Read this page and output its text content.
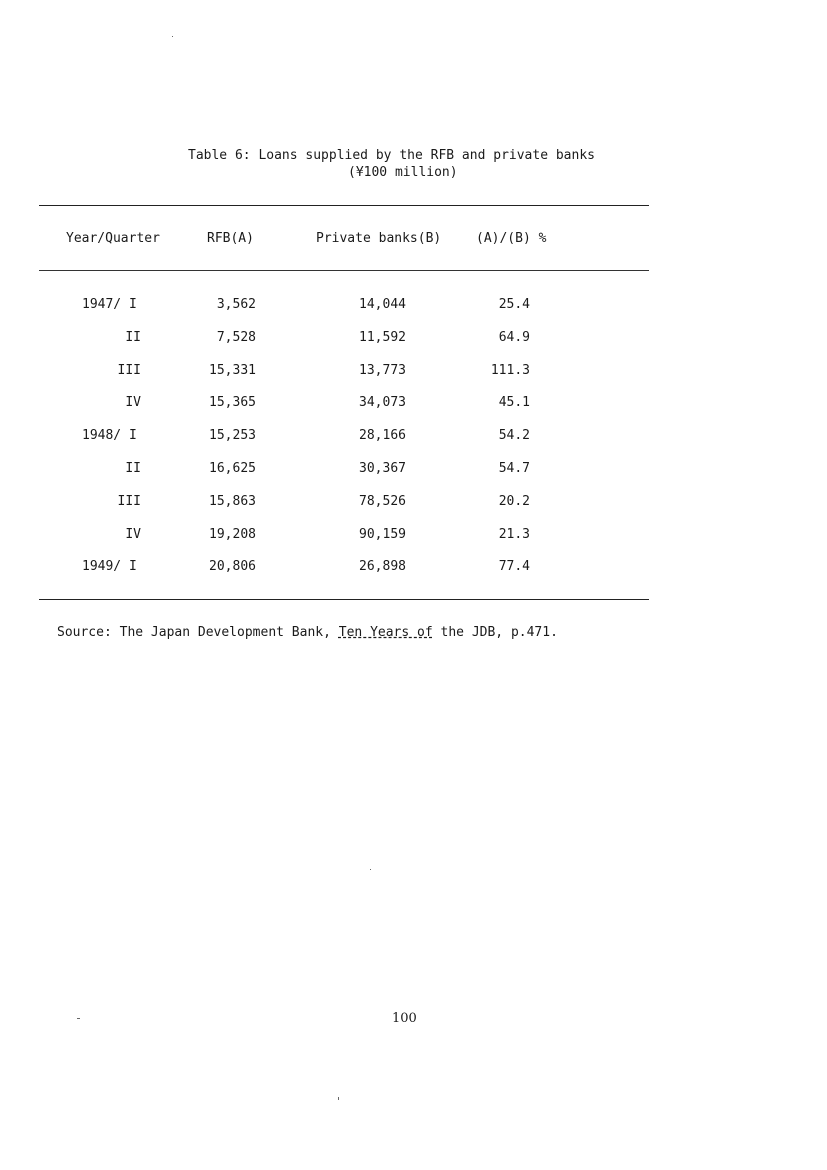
Table 6: Loans supplied by the RFB and private banks
(¥100 million)
Year/Quarter	RFB(A)	Private banks(B)	(A)/(B) %
1947/ I	3,562	14,044	25.4
II	7,528	11,592	64.9
III	15,331	13,773	111.3
IV	15,365	34,073	45.1
1948/ I	15,253	28,166	54.2
II	16,625	30,367	54.7
III	15,863	78,526	20.2
IV	19,208	90,159	21.3
1949/ I	20,806	26,898	77.4
Source: The Japan Development Bank, Ten Years of the JDB, p.471.
100
